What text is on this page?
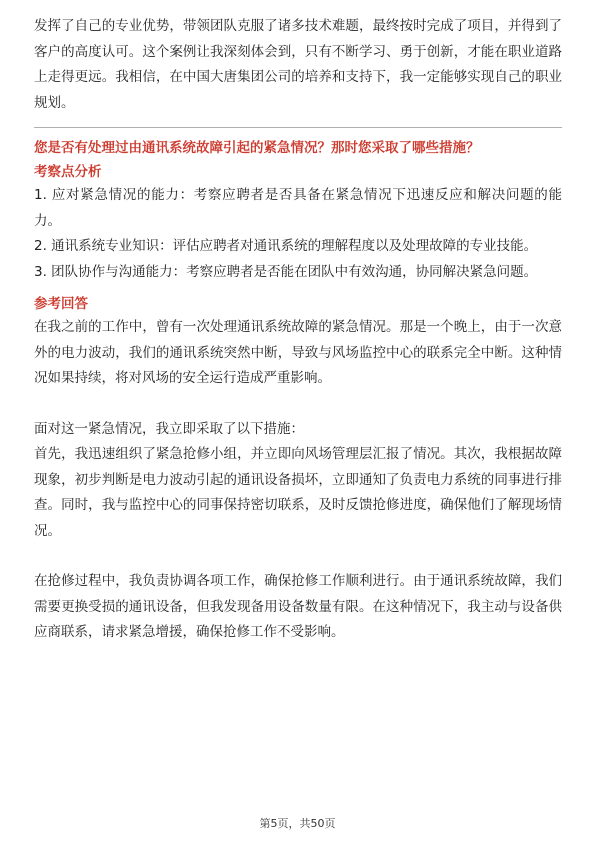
发挥了自己的专业优势，带领团队克服了诸多技术难题，最终按时完成了项目，并得到了客户的高度认可。这个案例让我深刻体会到，只有不断学习、勇于创新，才能在职业道路上走得更远。我相信，在中国大唐集团公司的培养和支持下，我一定能够实现自己的职业规划。

您是否有处理过由通讯系统故障引起的紧急情况？那时您采取了哪些措施？

考察点分析

1. 应对紧急情况的能力：考察应聘者是否具备在紧急情况下迅速反应和解决问题的能力。

2. 通讯系统专业知识：评估应聘者对通讯系统的理解程度以及处理故障的专业技能。

3. 团队协作与沟通能力：考察应聘者是否能在团队中有效沟通，协同解决紧急问题。

参考回答

在我之前的工作中，曾有一次处理通讯系统故障的紧急情况。那是一个晚上，由于一次意外的电力波动，我们的通讯系统突然中断，导致与风场监控中心的联系完全中断。这种情况如果持续，将对风场的安全运行造成严重影响。

面对这一紧急情况，我立即采取了以下措施：

首先，我迅速组织了紧急抢修小组，并立即向风场管理层汇报了情况。其次，我根据故障现象，初步判断是电力波动引起的通讯设备损坏，立即通知了负责电力系统的同事进行排查。同时，我与监控中心的同事保持密切联系，及时反馈抢修进度，确保他们了解现场情况。

在抢修过程中，我负责协调各项工作，确保抢修工作顺利进行。由于通讯系统故障，我们需要更换受损的通讯设备，但我发现备用设备数量有限。在这种情况下，我主动与设备供应商联系，请求紧急增援，确保抢修工作不受影响。

第5页，共50页
